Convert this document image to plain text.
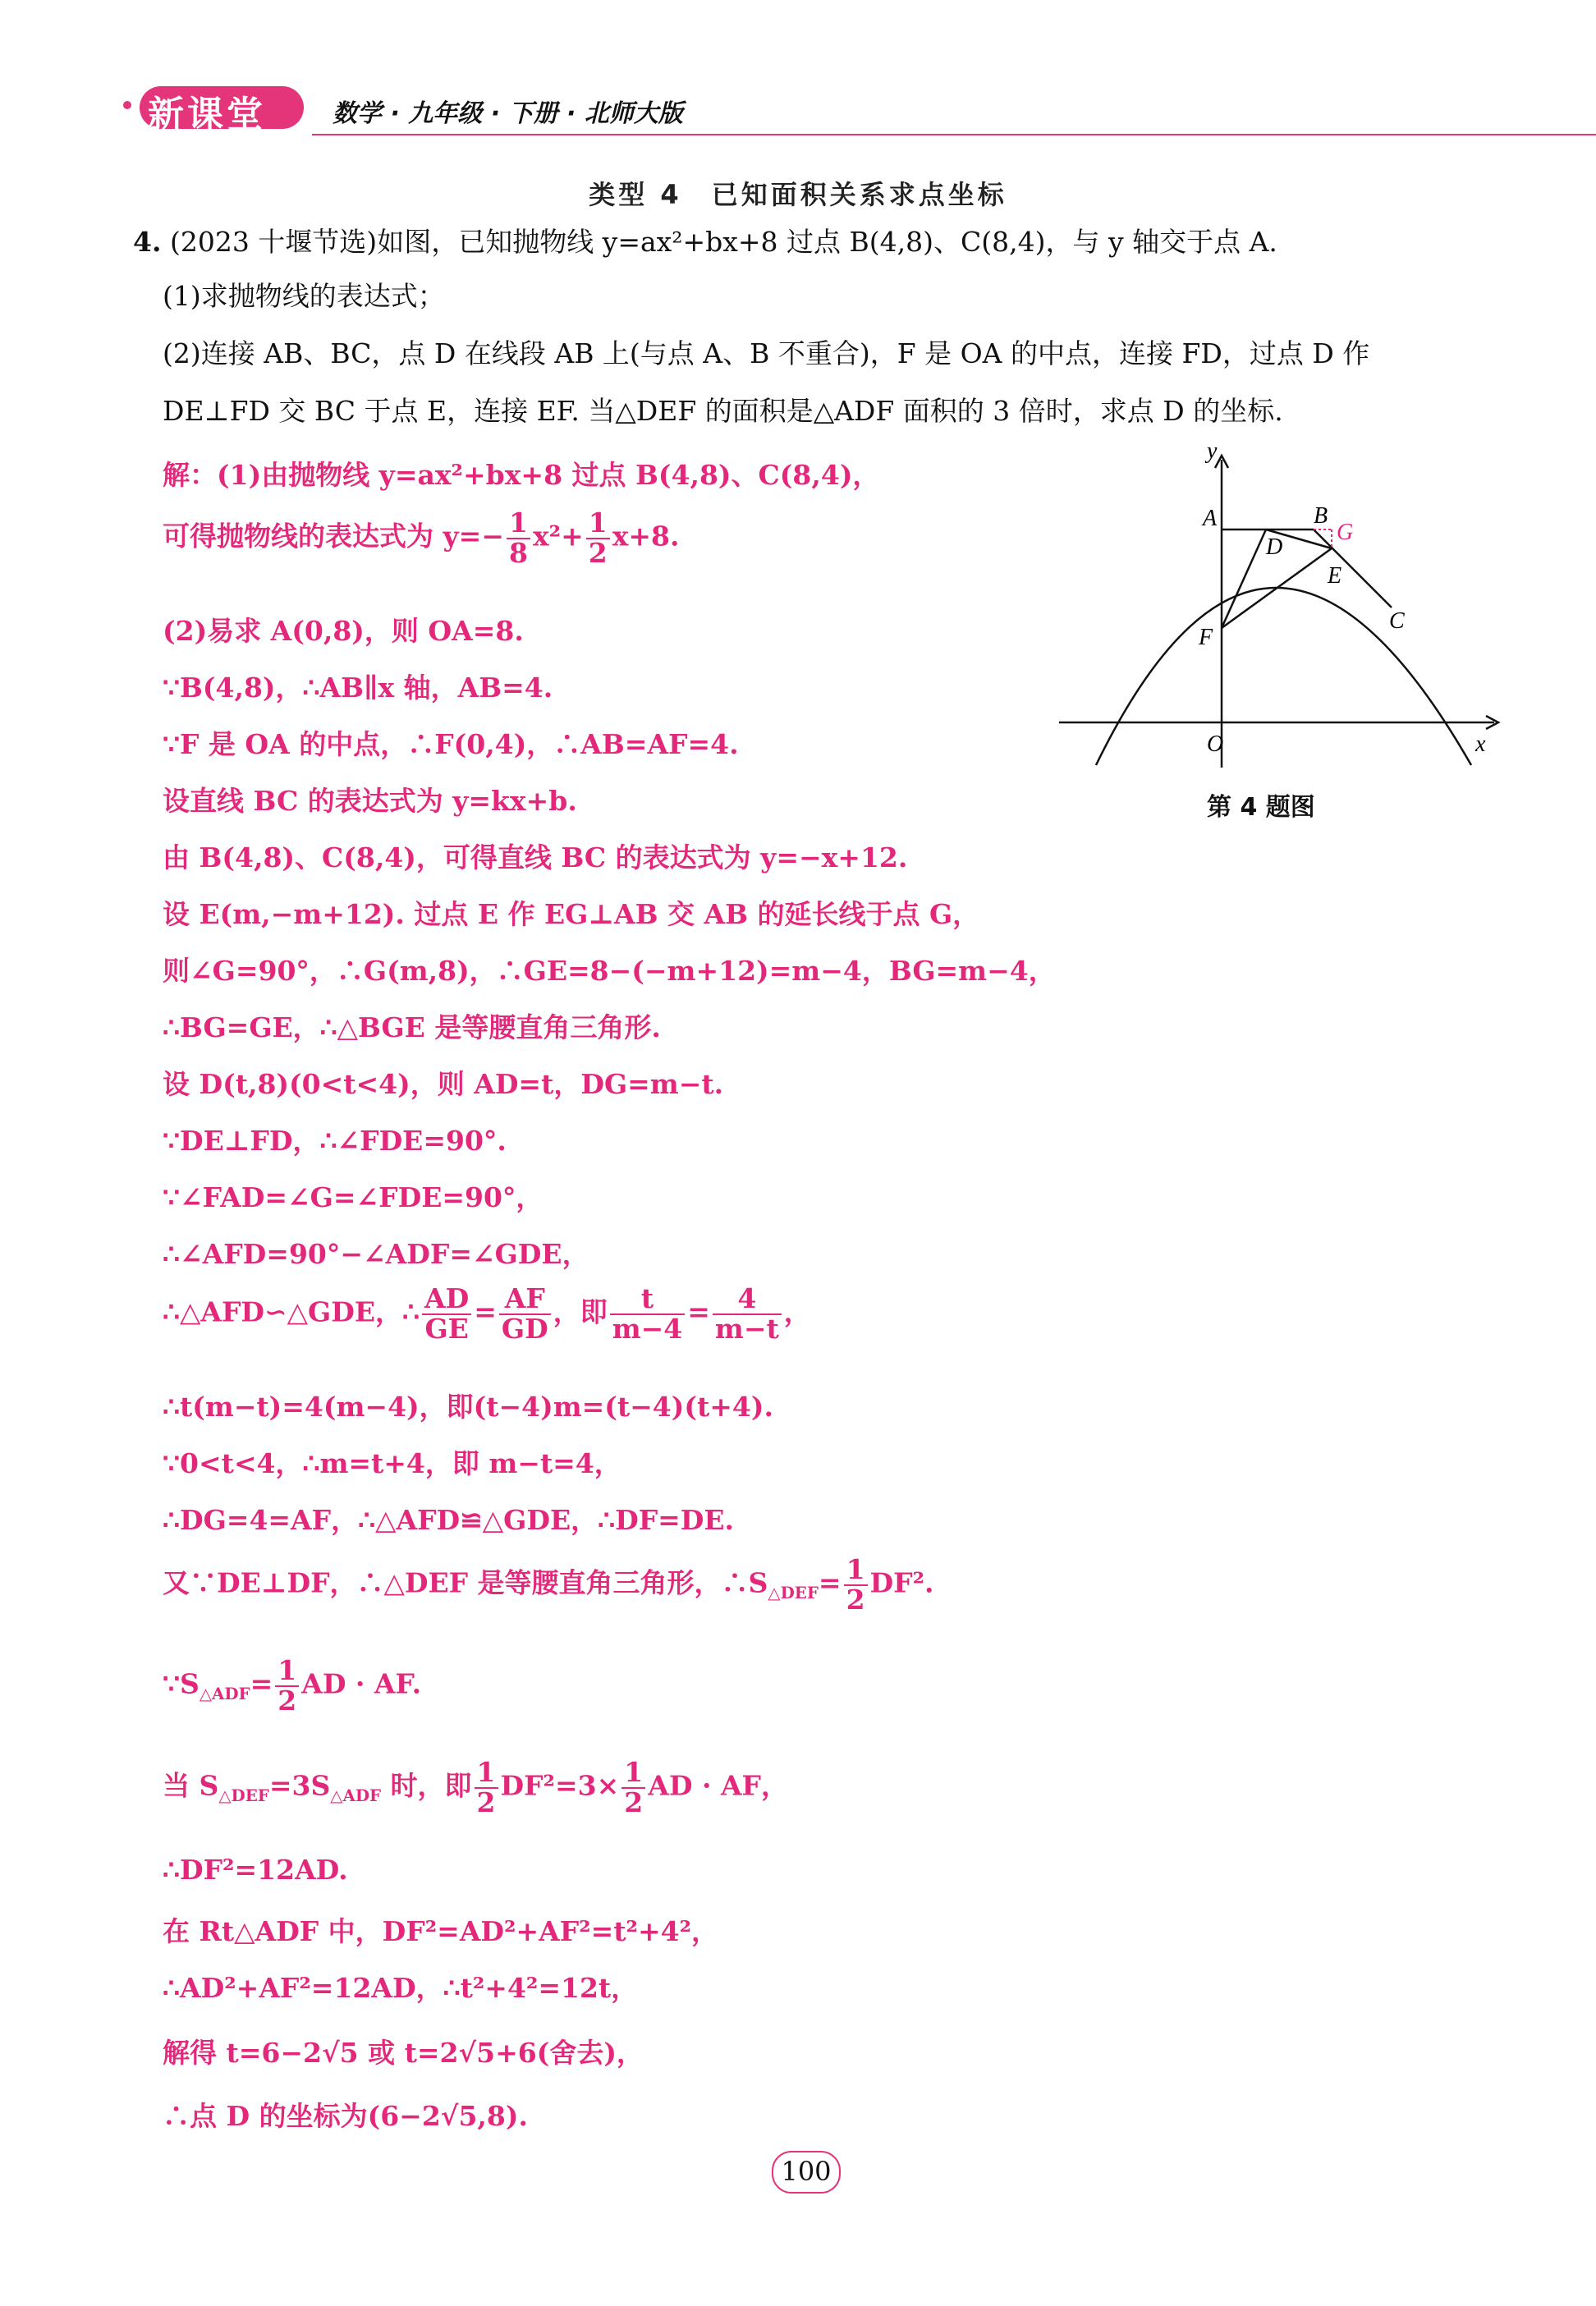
新课堂	数学 · 九年级 · 下册 · 北师大版
类型 4　已知面积关系求点坐标
4. (2023 十堰节选)如图，已知抛物线 y=ax²+bx+8 过点 B(4,8)、C(8,4)，与 y 轴交于点 A.
(1)求抛物线的表达式；
(2)连接 AB、BC，点 D 在线段 AB 上(与点 A、B 不重合)，F 是 OA 的中点，连接 FD，过点 D 作
DE⊥FD 交 BC 于点 E，连接 EF. 当△DEF 的面积是△ADF 面积的 3 倍时，求点 D 的坐标.
y
x
O
A	B
C
D
E
F
G
第 4 题图
解：(1)由抛物线 y=ax²+bx+8 过点 B(4,8)、C(8,4)，
可得抛物线的表达式为 $y=- \frac{1}{8} x^2+ \frac{1}{2} x+8$.
(2)易求 A(0,8)，则 OA=8.
∵B(4,8)，∴AB∥x 轴，AB=4.
∵F 是 OA 的中点，∴F(0,4)，∴AB=AF=4.
设直线 BC 的表达式为 y=kx+b.
由 B(4,8)、C(8,4)，可得直线 BC 的表达式为 y=−x+12.
设 E(m,−m+12). 过点 E 作 EG⊥AB 交 AB 的延长线于点 G，
则∠G=90°，∴G(m,8)，∴GE=8−(−m+12)=m−4，BG=m−4，
∴BG=GE，∴△BGE 是等腰直角三角形.
设 D(t,8)(0<t<4)，则 AD=t，DG=m−t.
∵DE⊥FD，∴∠FDE=90°.
∵∠FAD=∠G=∠FDE=90°，
∴∠AFD=90°−∠ADF=∠GDE，
∴△AFD∽△GDE，∴ $\frac{AD}{GE} = \frac{AF}{GD}$ ，即 $\frac{t}{m-4} = \frac{4}{m-t}$ ，
∴t(m−t)=4(m−4)，即(t−4)m=(t−4)(t+4).
∵0<t<4，∴m=t+4，即 m−t=4，
∴DG=4=AF，∴△AFD≌△GDE，∴DF=DE.
又∵DE⊥DF，∴△DEF 是等腰直角三角形，$\therefore S_{\triangle DEF}= \frac{1}{2} DF^2$.
$\because S_{\triangle ADF}= \frac{1}{2}$ AD · AF.
当 $S_{\triangle DEF}=3S_{\triangle ADF}$ 时，即 $\frac{1}{2} DF^2=3\times \frac{1}{2}$ AD · AF，
∴DF²=12AD.
在 Rt△ADF 中，DF²=AD²+AF²=t²+4²，
∴AD²+AF²=12AD，∴t²+4²=12t，
解得 t=6−2√5 或 t=2√5+6(舍去)，
∴点 D 的坐标为(6−2√5,8).
100
